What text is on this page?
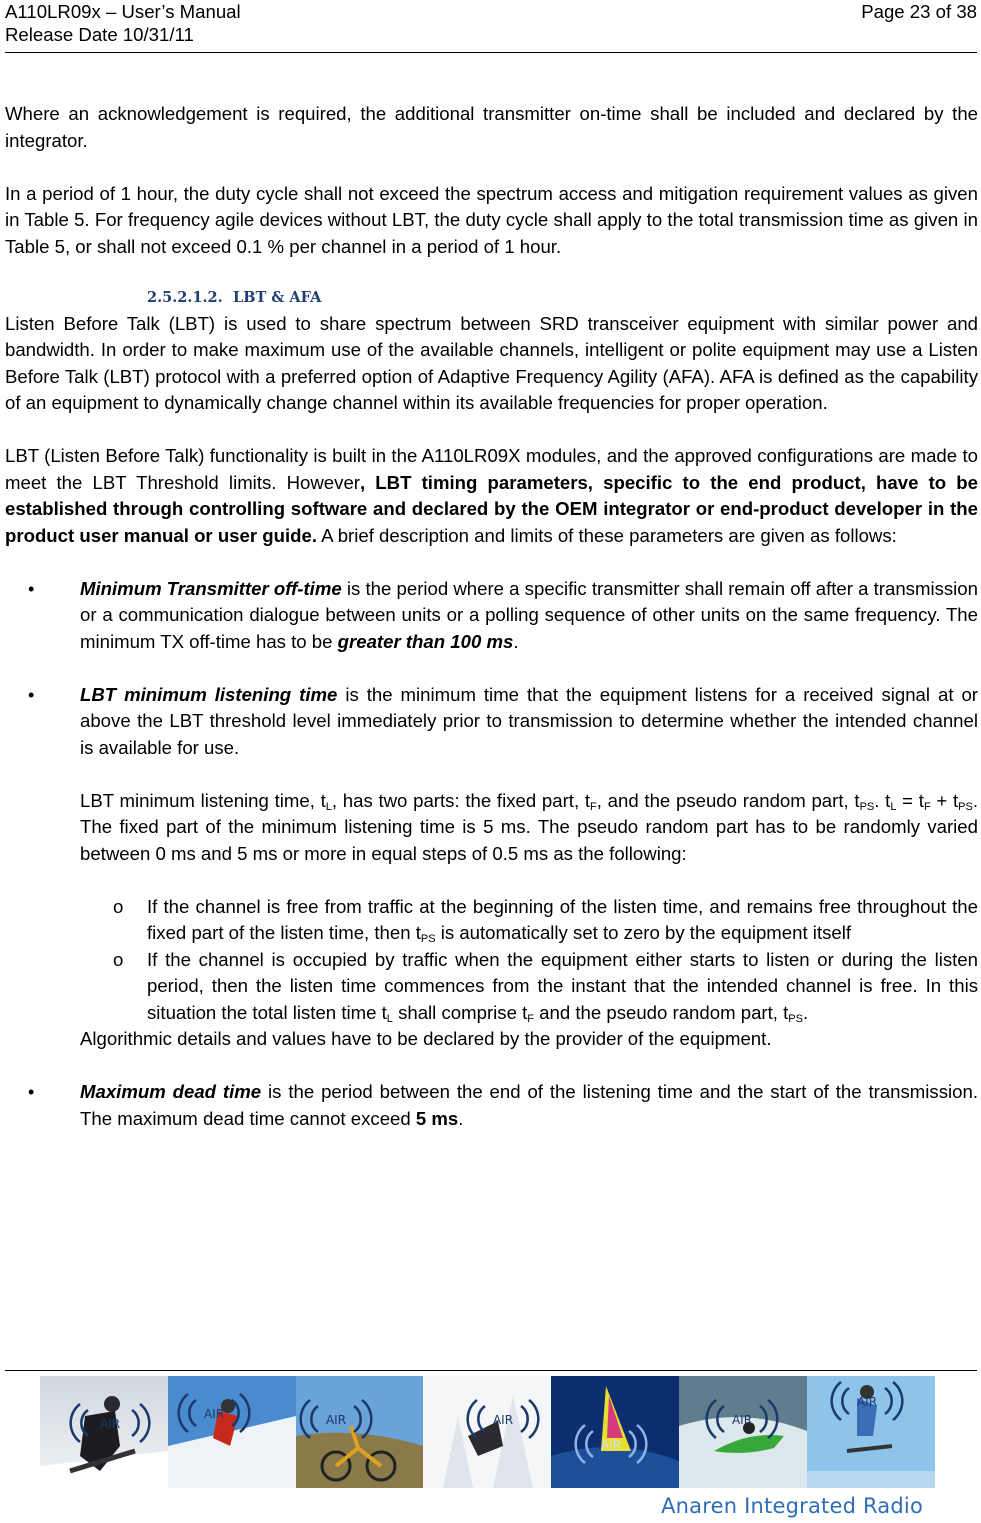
A110LR09x – User’s Manual
Release Date 10/31/11
Page 23 of 38

Where an acknowledgement is required, the additional transmitter on-time shall be included and declared by the integrator.

In a period of 1 hour, the duty cycle shall not exceed the spectrum access and mitigation requirement values as given in Table 5. For frequency agile devices without LBT, the duty cycle shall apply to the total transmission time as given in Table 5, or shall not exceed 0.1 % per channel in a period of 1 hour.

2.5.2.1.2. LBT & AFA

Listen Before Talk (LBT) is used to share spectrum between SRD transceiver equipment with similar power and bandwidth. In order to make maximum use of the available channels, intelligent or polite equipment may use a Listen Before Talk (LBT) protocol with a preferred option of Adaptive Frequency Agility (AFA). AFA is defined as the capability of an equipment to dynamically change channel within its available frequencies for proper operation.

LBT (Listen Before Talk) functionality is built in the A110LR09X modules, and the approved configurations are made to meet the LBT Threshold limits. However, LBT timing parameters, specific to the end product, have to be established through controlling software and declared by the OEM integrator or end-product developer in the product user manual or user guide. A brief description and limits of these parameters are given as follows:

• Minimum Transmitter off-time is the period where a specific transmitter shall remain off after a transmission or a communication dialogue between units or a polling sequence of other units on the same frequency. The minimum TX off-time has to be greater than 100 ms.

• LBT minimum listening time is the minimum time that the equipment listens for a received signal at or above the LBT threshold level immediately prior to transmission to determine whether the intended channel is available for use.

LBT minimum listening time, $t_L$, has two parts: the fixed part, $t_F$, and the pseudo random part, $t_{PS}$. $t_L = t_F + t_{PS}$. The fixed part of the minimum listening time is 5 ms. The pseudo random part has to be randomly varied between 0 ms and 5 ms or more in equal steps of 0.5 ms as the following:

o If the channel is free from traffic at the beginning of the listen time, and remains free throughout the fixed part of the listen time, then $t_{PS}$ is automatically set to zero by the equipment itself

o If the channel is occupied by traffic when the equipment either starts to listen or during the listen period, then the listen time commences from the instant that the intended channel is free. In this situation the total listen time $t_L$ shall comprise $t_F$ and the pseudo random part, $t_{PS}$.

Algorithmic details and values have to be declared by the provider of the equipment.

• Maximum dead time is the period between the end of the listening time and the start of the transmission. The maximum dead time cannot exceed 5 ms.

AIR
AIR	AIR	AIR
AIR
AIR
AIR
Anaren Integrated Radio
